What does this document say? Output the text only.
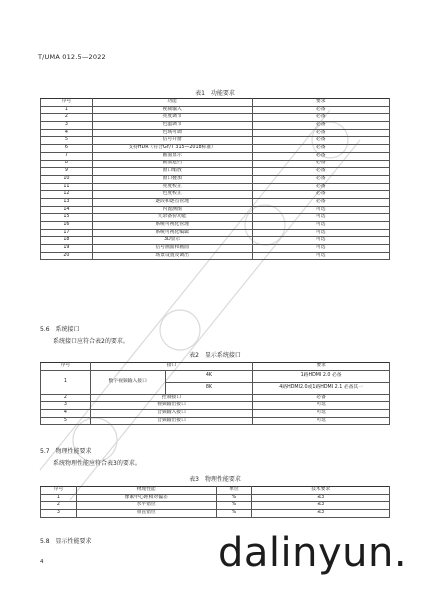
T/UMA 012.5—2022
表1　功能要求
序号	功能	要求
1	视频输入	必备
2	亮度调节	必备
3	色温调节	必备
4	色域可调	必备
5	信号开窗	必备
6	支持HDR（符合GY/T 315—2018标准）	必备
7	画面显示	必备
8	画面遮挡	必备
9	窗口缩放	必备
10	窗口叠加	必备
11	亮度校正	必备
12	色度校正	必备
13	逐段和逐点管理	必备
14	内置测图	可选
15	冗余备份功能	可选
16	系统可视化管理	可选
17	系统可视化编辑	可选
18	3D显示	可选
19	信号画面和画面	可选
20	场景设置及调出	可选
5.6　系统接口
系统接口应符合表2的要求。
表2　显示系统接口
序号	接口		要求
1	数字视频输入接口	4K	1路HDMI 2.0 必备
		8K	4路HDMI2.0或1路HDMI 2.1 必备其一
2	控制接口		必备
3	视频输出接口		可选
4	音频输入接口		可选
5	音频输出接口		可选
5.7　物理性能要求
系统物理性能应符合表3的要求。
表3　物理性能要求
序号	物理性能	单位	技术要求
1	像素中心距相对偏差	%	≤3
2	水平错位	%	≤3
3	垂直错位	%	≤3
5.8　显示性能要求
4	dalinyun.
